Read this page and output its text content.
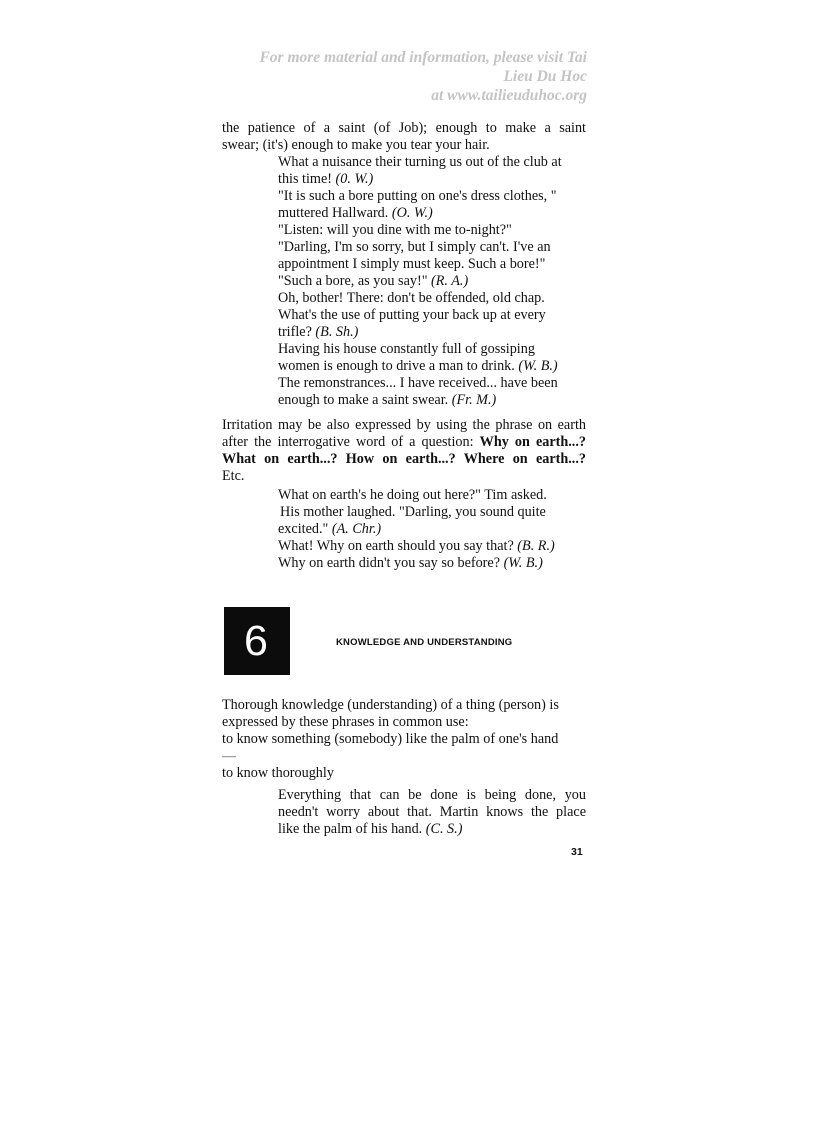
For more material and information, please visit Tai
Lieu Du Hoc
at www.tailieuduhoc.org
the patience of a saint (of Job); enough to make a saint
swear; (it's) enough to make you tear your hair.
What a nuisance their turning us out of the club at
this time! (0. W.)
"It is such a bore putting on one's dress clothes, "
muttered Hallward. (O. W.)
"Listen: will you dine with me to-night?"
"Darling, I'm so sorry, but I simply can't. I've an
appointment I simply must keep. Such a bore!"
"Such a bore, as you say!" (R. A.)
Oh, bother! There: don't be offended, old chap.
What's the use of putting your back up at every
trifle? (B. Sh.)
Having his house constantly full of gossiping
women is enough to drive a man to drink. (W. B.)
The remonstrances... I have received... have been
enough to make a saint swear. (Fr. M.)
Irritation may be also expressed by using the phrase on earth
after the interrogative word of a question: Why on earth...?
What on earth...? How on earth...? Where on earth...?
Etc.
What on earth's he doing out here?" Tim asked.
His mother laughed. "Darling, you sound quite
excited." (A. Chr.)
What! Why on earth should you say that? (B. R.)
Why on earth didn't you say so before? (W. B.)
6	KNOWLEDGE AND UNDERSTANDING
Thorough knowledge (understanding) of a thing (person) is
expressed by these phrases in common use:
to know something (somebody) like the palm of one's hand
—
to know thoroughly
Everything that can be done is being done, you
needn't worry about that. Martin knows the place
like the palm of his hand. (C. S.)
31
